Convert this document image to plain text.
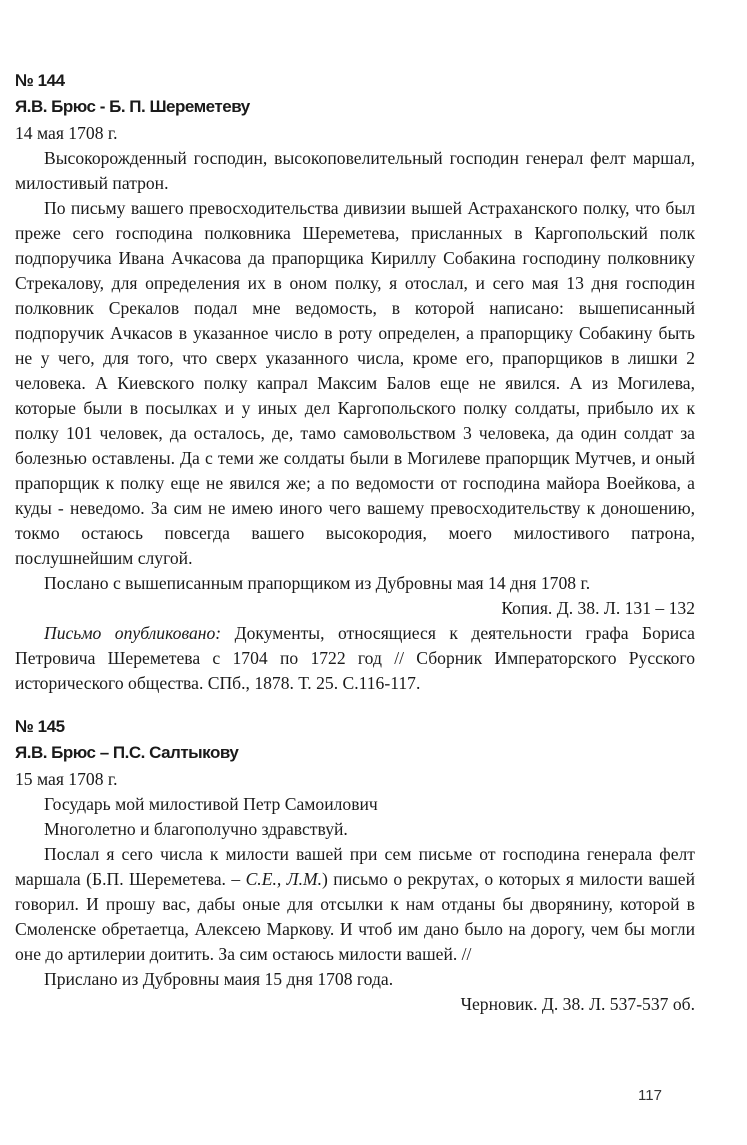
№ 144
Я.В. Брюс - Б. П. Шереметеву
14 мая 1708 г.

Высокорожденный господин, высокоповелительный господин генерал фелт маршал, милостивый патрон.

По письму вашего превосходительства дивизии вышей Астраханского полку, что был преже сего господина полковника Шереметева, присланных в Каргопольский полк подпоручика Ивана Ачкасова да прапорщика Кириллу Собакина господину полковнику Стрекалову, для определения их в оном полку, я отослал, и сего мая 13 дня господин полковник Срекалов подал мне ведомость, в которой написано: вышеписанный подпоручик Ачкасов в указанное число в роту определен, а прапорщику Собакину быть не у чего, для того, что сверх указанного числа, кроме его, прапорщиков в лишки 2 человека. А Киевского полку капрал Максим Балов еще не явился. А из Могилева, которые были в посылках и у иных дел Каргопольского полку солдаты, прибыло их к полку 101 человек, да осталось, де, тамо самовольством 3 человека, да один солдат за болезнью оставлены. Да с теми же солдаты были в Могилеве прапорщик Мутчев, и оный прапорщик к полку еще не явился же; а по ведомости от господина майора Воейкова, а куды - неведомо. За сим не имею иного чего вашему превосходительству к доношению, токмо остаюсь повсегда вашего высокородия, моего милостивого патрона, послушнейшим слугой.

Послано с вышеписанным прапорщиком из Дубровны мая 14 дня 1708 г.

Копия. Д. 38. Л. 131 – 132

Письмо опубликовано: Документы, относящиеся к деятельности графа Бориса Петровича Шереметева с 1704 по 1722 год // Сборник Императорского Русского исторического общества. СПб., 1878. Т. 25. С.116-117.

№ 145
Я.В. Брюс – П.С. Салтыкову
15 мая 1708 г.

Государь мой милостивой Петр Самоилович

Многолетно и благополучно здравствуй.

Послал я сего числа к милости вашей при сем письме от господина генерала фелт маршала (Б.П. Шереметева. – С.Е., Л.М.) письмо о рекрутах, о которых я милости вашей говорил. И прошу вас, дабы оные для отсылки к нам отданы бы дворянину, которой в Смоленске обретаетца, Алексею Маркову. И чтоб им дано было на дорогу, чем бы могли оне до артилерии доитить. За сим остаюсь милости вашей. //

Прислано из Дубровны маия 15 дня 1708 года.

Черновик. Д. 38. Л. 537-537 об.

117
